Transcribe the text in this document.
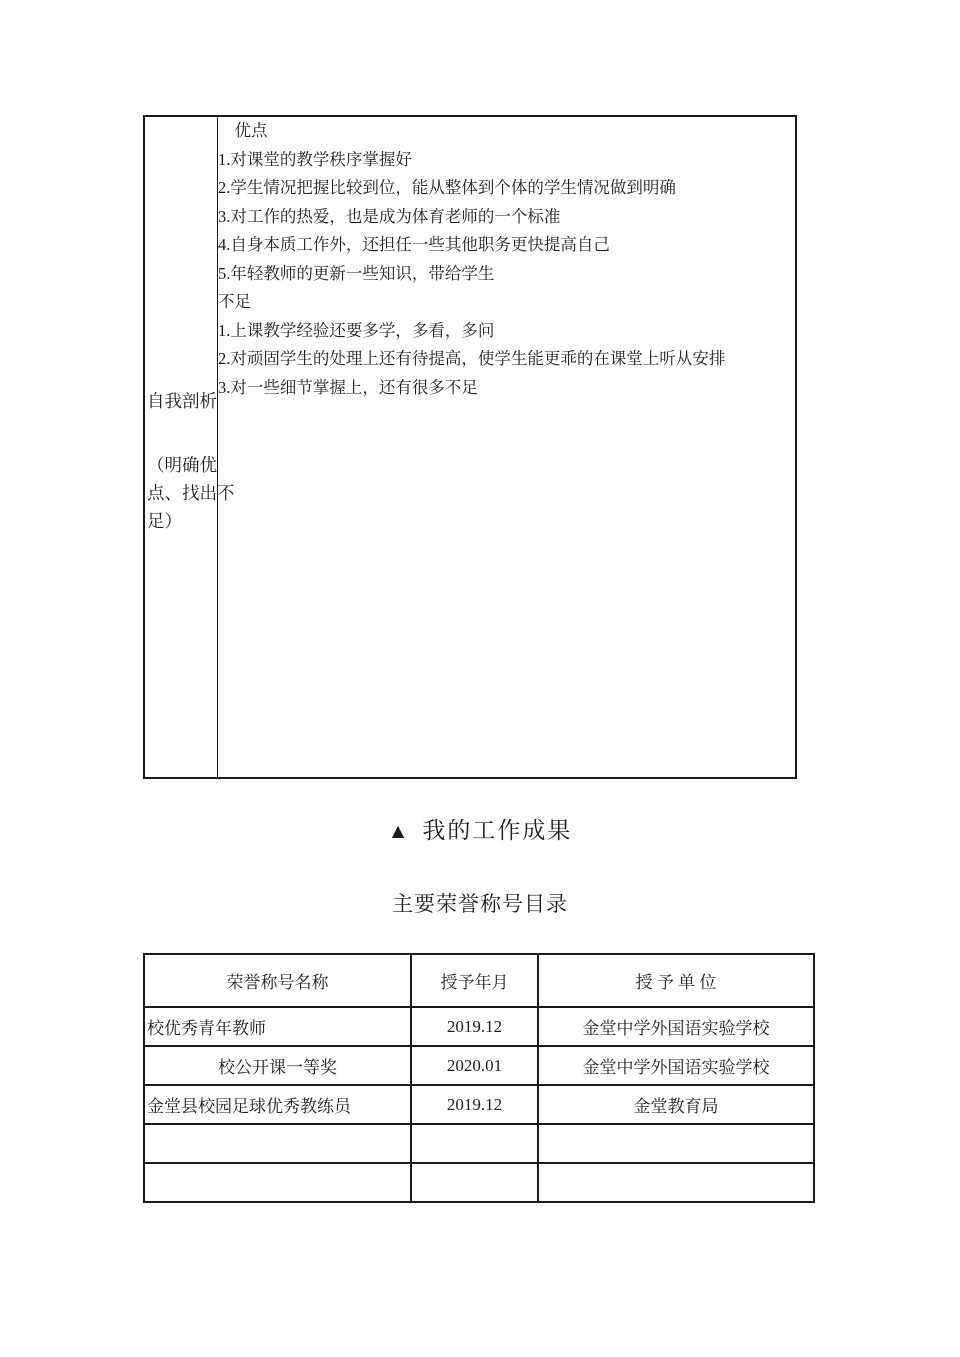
自我剖析
（明确优点、找出不足）

　优点
1.对课堂的教学秩序掌握好
2.学生情况把握比较到位，能从整体到个体的学生情况做到明确
3.对工作的热爱，也是成为体育老师的一个标准
4.自身本质工作外，还担任一些其他职务更快提高自己
5.年轻教师的更新一些知识，带给学生
不足
1.上课教学经验还要多学，多看，多问
2.对顽固学生的处理上还有待提高，使学生能更乖的在课堂上听从安排
3.对一些细节掌握上，还有很多不足
▲ 我的工作成果
主要荣誉称号目录
荣誉称号名称	授予年月	授 予 单 位
校优秀青年教师	2019.12	金堂中学外国语实验学校
校公开课一等奖	2020.01	金堂中学外国语实验学校
金堂县校园足球优秀教练员	2019.12	金堂教育局
